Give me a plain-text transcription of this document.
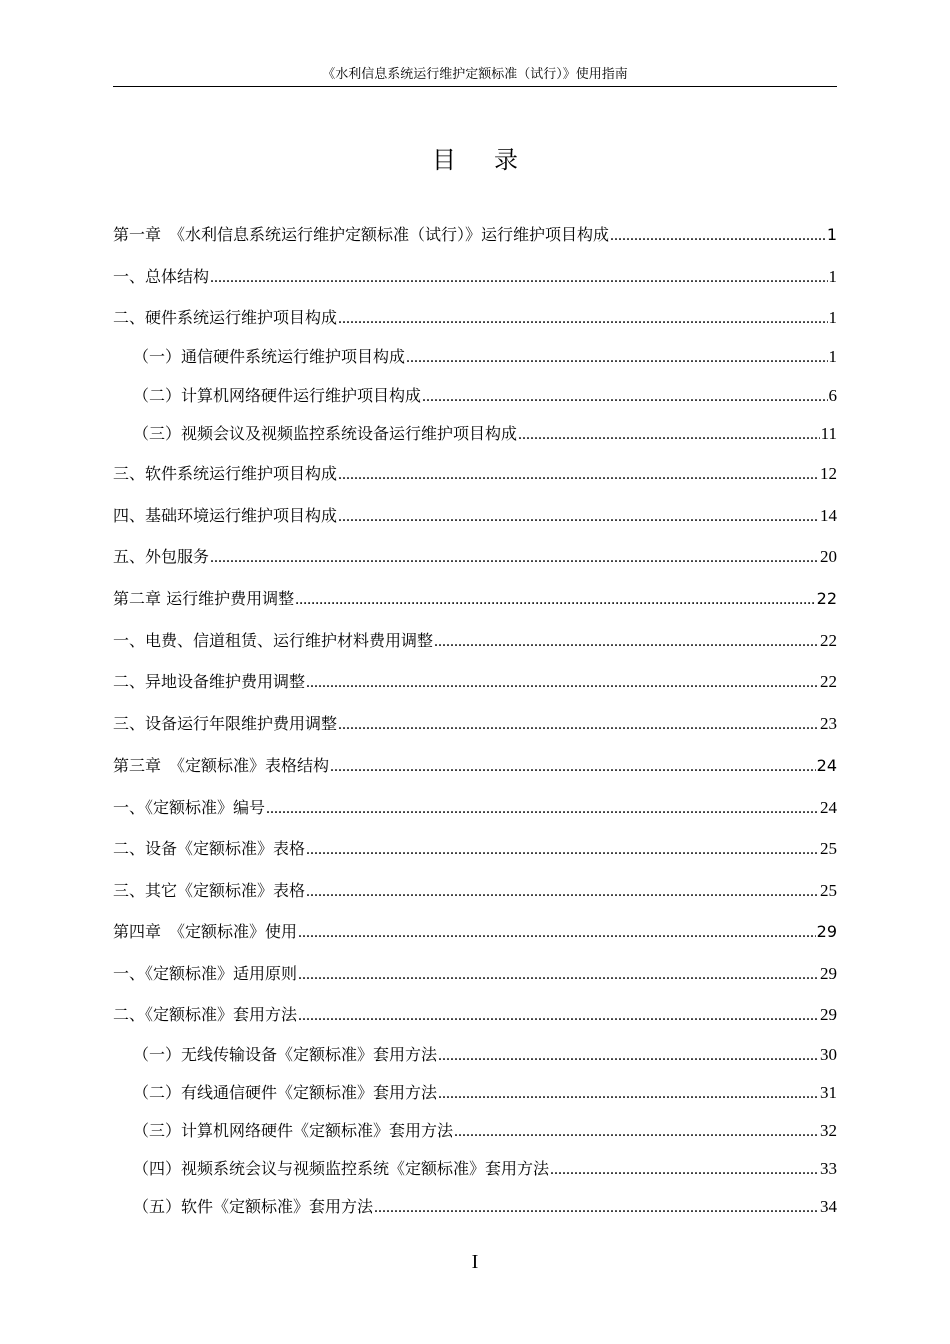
《水利信息系统运行维护定额标准（试行）》使用指南
目录
第一章　《水利信息系统运行维护定额标准（试行）》运行维护项目构成 .....	1
一、总体结构 .....	1
二、硬件系统运行维护项目构成 .....	1
（一）通信硬件系统运行维护项目构成 .....	1
（二）计算机网络硬件运行维护项目构成 .....	6
（三）视频会议及视频监控系统设备运行维护项目构成 .....	11
三、软件系统运行维护项目构成 .....	12
四、基础环境运行维护项目构成 .....	14
五、外包服务 .....	20
第二章 运行维护费用调整 .....	22
一、电费、信道租赁、运行维护材料费用调整 .....	22
二、异地设备维护费用调整 .....	22
三、设备运行年限维护费用调整 .....	23
第三章　《定额标准》表格结构 .....	24
一、《定额标准》编号 .....	24
二、设备《定额标准》表格 .....	25
三、其它《定额标准》表格 .....	25
第四章　《定额标准》使用 .....	29
一、《定额标准》适用原则 .....	29
二、《定额标准》套用方法 .....	29
（一）无线传输设备《定额标准》套用方法 .....	30
（二）有线通信硬件《定额标准》套用方法 .....	31
（三）计算机网络硬件《定额标准》套用方法 .....	32
（四）视频系统会议与视频监控系统《定额标准》套用方法 .....	33
（五）软件《定额标准》套用方法 .....	34
I
